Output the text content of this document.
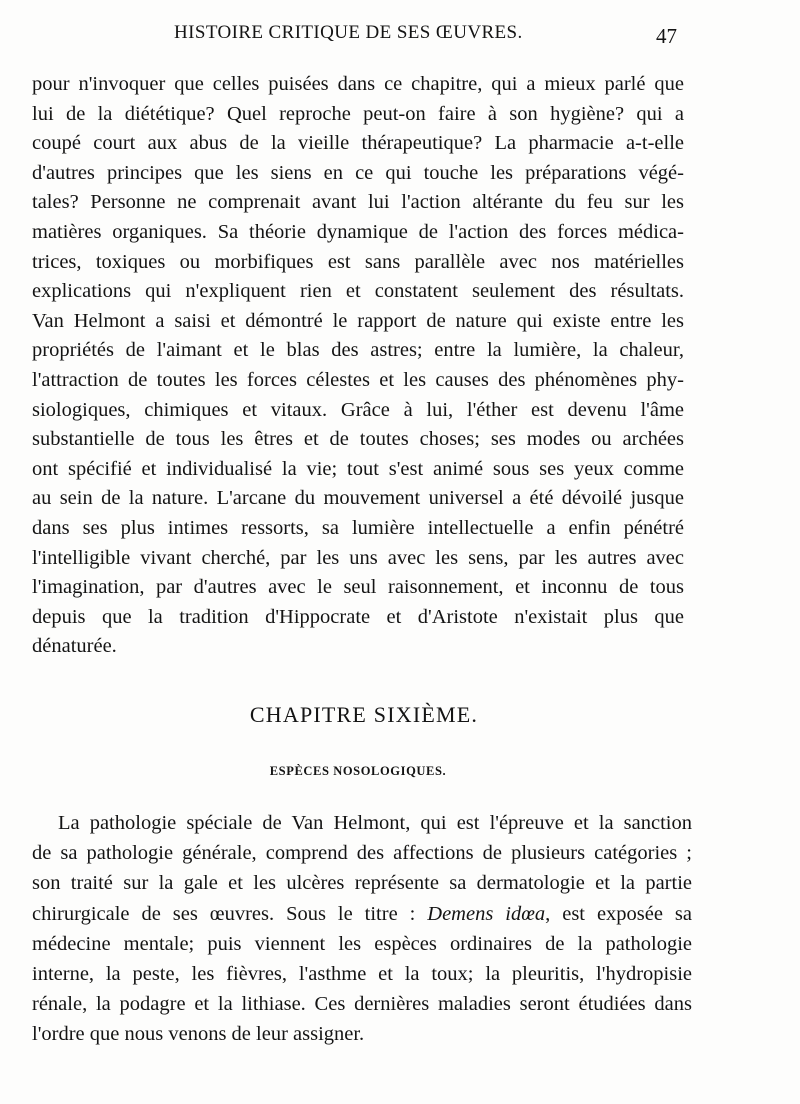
HISTOIRE CRITIQUE DE SES ŒUVRES.	47
pour n'invoquer que celles puisées dans ce chapitre, qui a mieux parlé que
lui de la diététique? Quel reproche peut-on faire à son hygiène? qui a
coupé court aux abus de la vieille thérapeutique? La pharmacie a-t-elle
d'autres principes que les siens en ce qui touche les préparations végé-
tales? Personne ne comprenait avant lui l'action altérante du feu sur les
matières organiques. Sa théorie dynamique de l'action des forces médica-
trices, toxiques ou morbifiques est sans parallèle avec nos matérielles
explications qui n'expliquent rien et constatent seulement des résultats.
Van Helmont a saisi et démontré le rapport de nature qui existe entre les
propriétés de l'aimant et le blas des astres; entre la lumière, la chaleur,
l'attraction de toutes les forces célestes et les causes des phénomènes phy-
siologiques, chimiques et vitaux. Grâce à lui, l'éther est devenu l'âme
substantielle de tous les êtres et de toutes choses; ses modes ou archées
ont spécifié et individualisé la vie; tout s'est animé sous ses yeux comme
au sein de la nature. L'arcane du mouvement universel a été dévoilé jusque
dans ses plus intimes ressorts, sa lumière intellectuelle a enfin pénétré
l'intelligible vivant cherché, par les uns avec les sens, par les autres avec
l'imagination, par d'autres avec le seul raisonnement, et inconnu de tous
depuis que la tradition d'Hippocrate et d'Aristote n'existait plus que
dénaturée.
CHAPITRE SIXIÈME.
ESPÈCES NOSOLOGIQUES.
La pathologie spéciale de Van Helmont, qui est l'épreuve et la sanction
de sa pathologie générale, comprend des affections de plusieurs catégories ;
son traité sur la gale et les ulcères représente sa dermatologie et la partie
chirurgicale de ses œuvres. Sous le titre : Demens idœa, est exposée sa
médecine mentale; puis viennent les espèces ordinaires de la pathologie
interne, la peste, les fièvres, l'asthme et la toux; la pleuritis, l'hydropisie
rénale, la podagre et la lithiase. Ces dernières maladies seront étudiées dans
l'ordre que nous venons de leur assigner.
